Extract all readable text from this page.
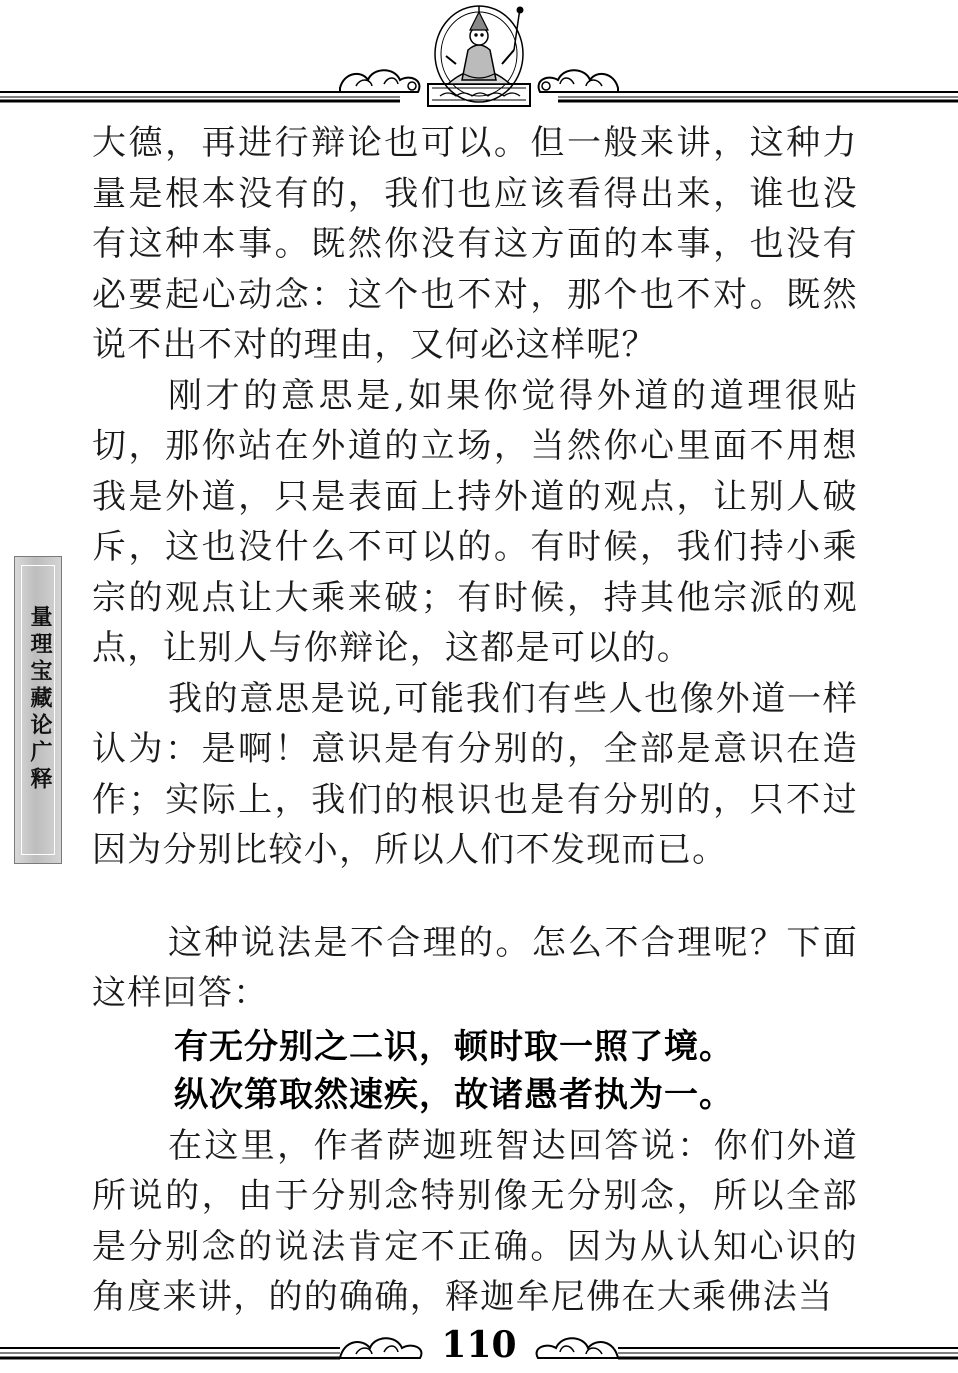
量理宝藏论广释

大德，再进行辩论也可以。但一般来讲，这种力量是根本没有的，我们也应该看得出来，谁也没有这种本事。既然你没有这方面的本事，也没有必要起心动念：这个也不对，那个也不对。既然说不出不对的理由，又何必这样呢？

刚才的意思是,如果你觉得外道的道理很贴切，那你站在外道的立场，当然你心里面不用想我是外道，只是表面上持外道的观点，让别人破斥，这也没什么不可以的。有时候，我们持小乘宗的观点让大乘来破；有时候，持其他宗派的观点，让别人与你辩论，这都是可以的。

我的意思是说,可能我们有些人也像外道一样认为：是啊！意识是有分别的，全部是意识在造作；实际上，我们的根识也是有分别的，只不过因为分别比较小，所以人们不发现而已。

这种说法是不合理的。怎么不合理呢？下面这样回答：

有无分别之二识，顿时取一照了境。

纵次第取然速疾，故诸愚者执为一。

在这里，作者萨迦班智达回答说：你们外道所说的，由于分别念特别像无分别念，所以全部是分别念的说法肯定不正确。因为从认知心识的角度来讲，的的确确，释迦牟尼佛在大乘佛法当

110
